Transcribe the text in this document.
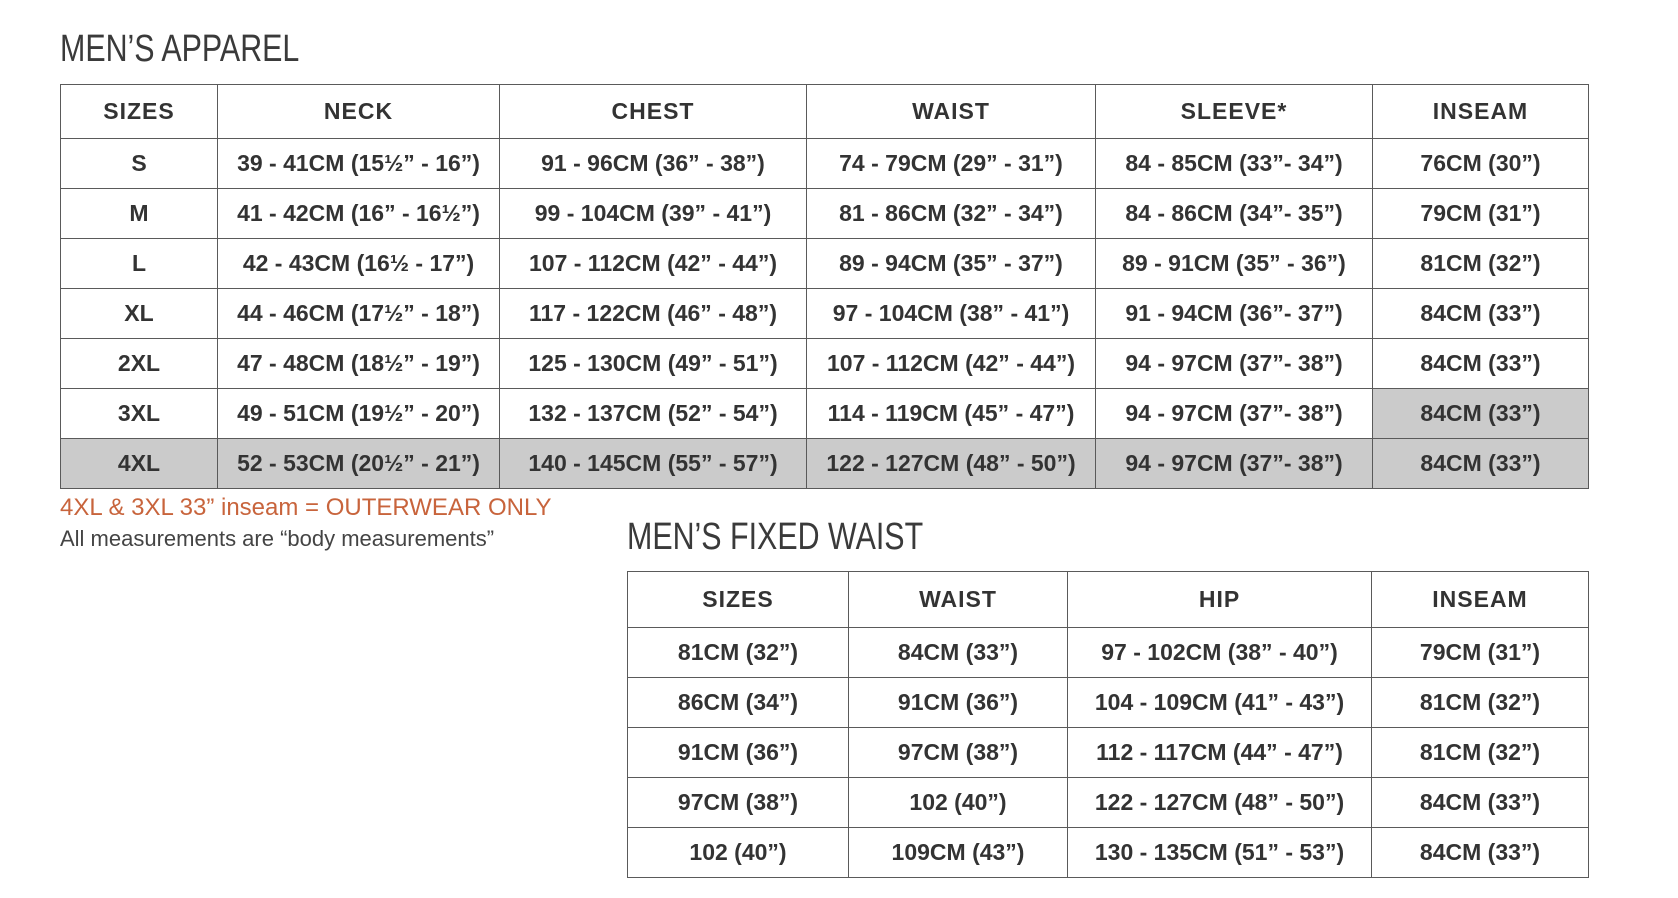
MEN’S APPAREL
SIZES	NECK	CHEST	WAIST	SLEEVE*	INSEAM
S	39 - 41CM (15½” - 16”)	91 - 96CM (36” - 38”)	74 - 79CM (29” - 31”)	84 - 85CM (33”- 34”)	76CM (30”)
M	41 - 42CM (16” - 16½”)	99 - 104CM (39” - 41”)	81 - 86CM (32” - 34”)	84 - 86CM (34”- 35”)	79CM (31”)
L	42 - 43CM (16½ - 17”)	107 - 112CM (42” - 44”)	89 - 94CM (35” - 37”)	89 - 91CM (35” - 36”)	81CM (32”)
XL	44 - 46CM (17½” - 18”)	117 - 122CM (46” - 48”)	97 - 104CM (38” - 41”)	91 - 94CM (36”- 37”)	84CM (33”)
2XL	47 - 48CM (18½” - 19”)	125 - 130CM (49” - 51”)	107 - 112CM (42” - 44”)	94 - 97CM (37”- 38”)	84CM (33”)
3XL	49 - 51CM (19½” - 20”)	132 - 137CM (52” - 54”)	114 - 119CM (45” - 47”)	94 - 97CM (37”- 38”)	84CM (33”)
4XL	52 - 53CM (20½” - 21”)	140 - 145CM (55” - 57”)	122 - 127CM (48” - 50”)	94 - 97CM (37”- 38”)	84CM (33”)

4XL & 3XL 33” inseam = OUTERWEAR ONLY

All measurements are “body measurements”	MEN’S FIXED WAIST
SIZES	WAIST	HIP	INSEAM
81CM (32”)	84CM (33”)	97 - 102CM (38” - 40”)	79CM (31”)
86CM (34”)	91CM (36”)	104 - 109CM (41” - 43”)	81CM (32”)
91CM (36”)	97CM (38”)	112 - 117CM (44” - 47”)	81CM (32”)
97CM (38”)	102 (40”)	122 - 127CM (48” - 50”)	84CM (33”)
102 (40”)	109CM (43”)	130 - 135CM (51” - 53”)	84CM (33”)
